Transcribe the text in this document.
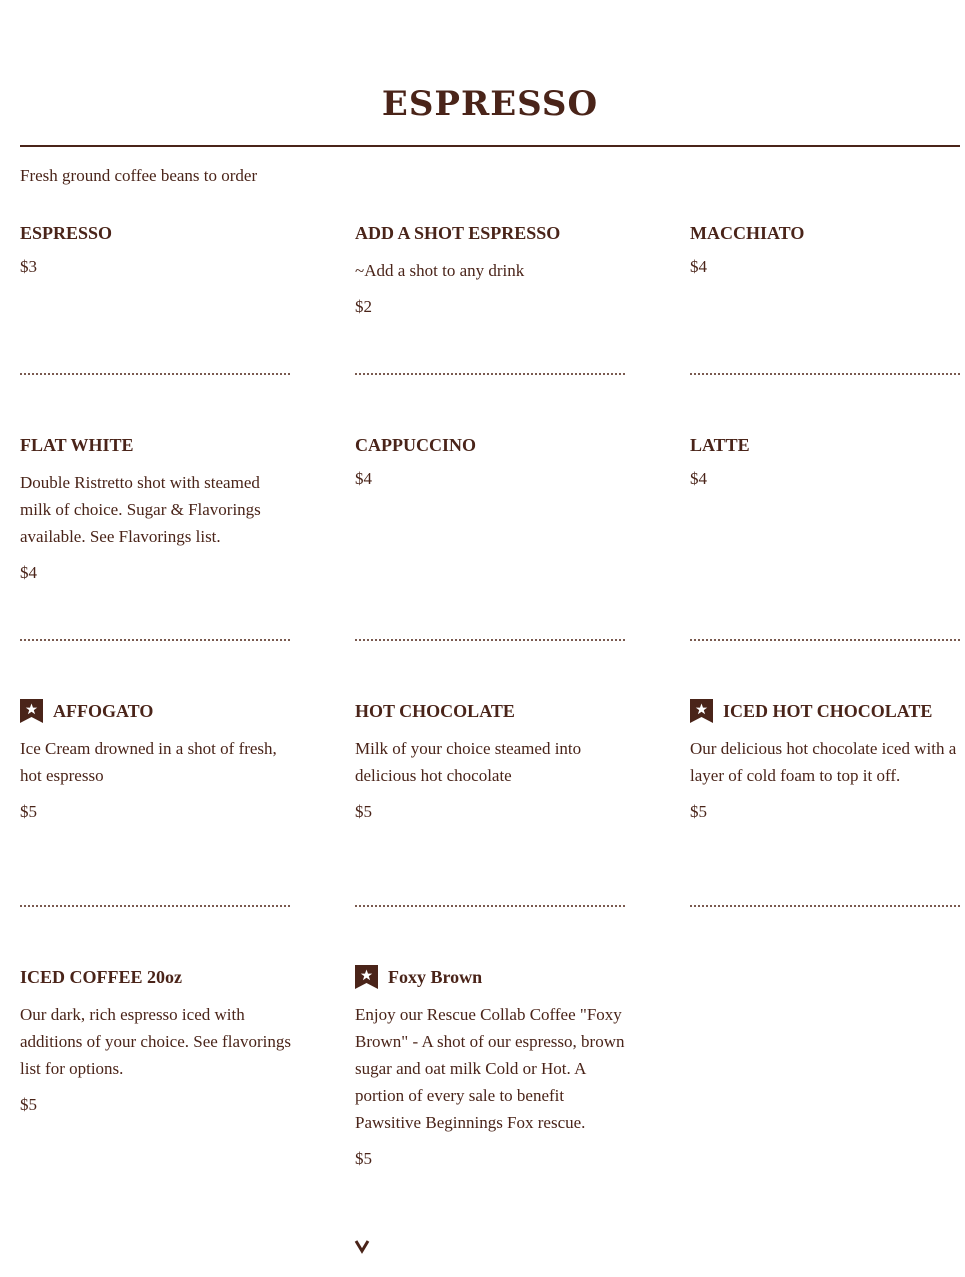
ESPRESSO
Fresh ground coffee beans to order
ESPRESSO
$3
ADD A SHOT ESPRESSO
~Add a shot to any drink
$2
MACCHIATO
$4
FLAT WHITE
Double Ristretto shot with steamed milk of choice. Sugar & Flavorings available. See Flavorings list.
$4
CAPPUCCINO
$4
LATTE
$4
AFFOGATO
Ice Cream drowned in a shot of fresh, hot espresso
$5
HOT CHOCOLATE
Milk of your choice steamed into delicious hot chocolate
$5
ICED HOT CHOCOLATE
Our delicious hot chocolate iced with a layer of cold foam to top it off.
$5
ICED COFFEE 20oz
Our dark, rich espresso iced with additions of your choice. See flavorings list for options.
$5
Foxy Brown
Enjoy our Rescue Collab Coffee "Foxy Brown" - A shot of our espresso, brown sugar and oat milk Cold or Hot. A portion of every sale to benefit Pawsitive Beginnings Fox rescue.
$5
